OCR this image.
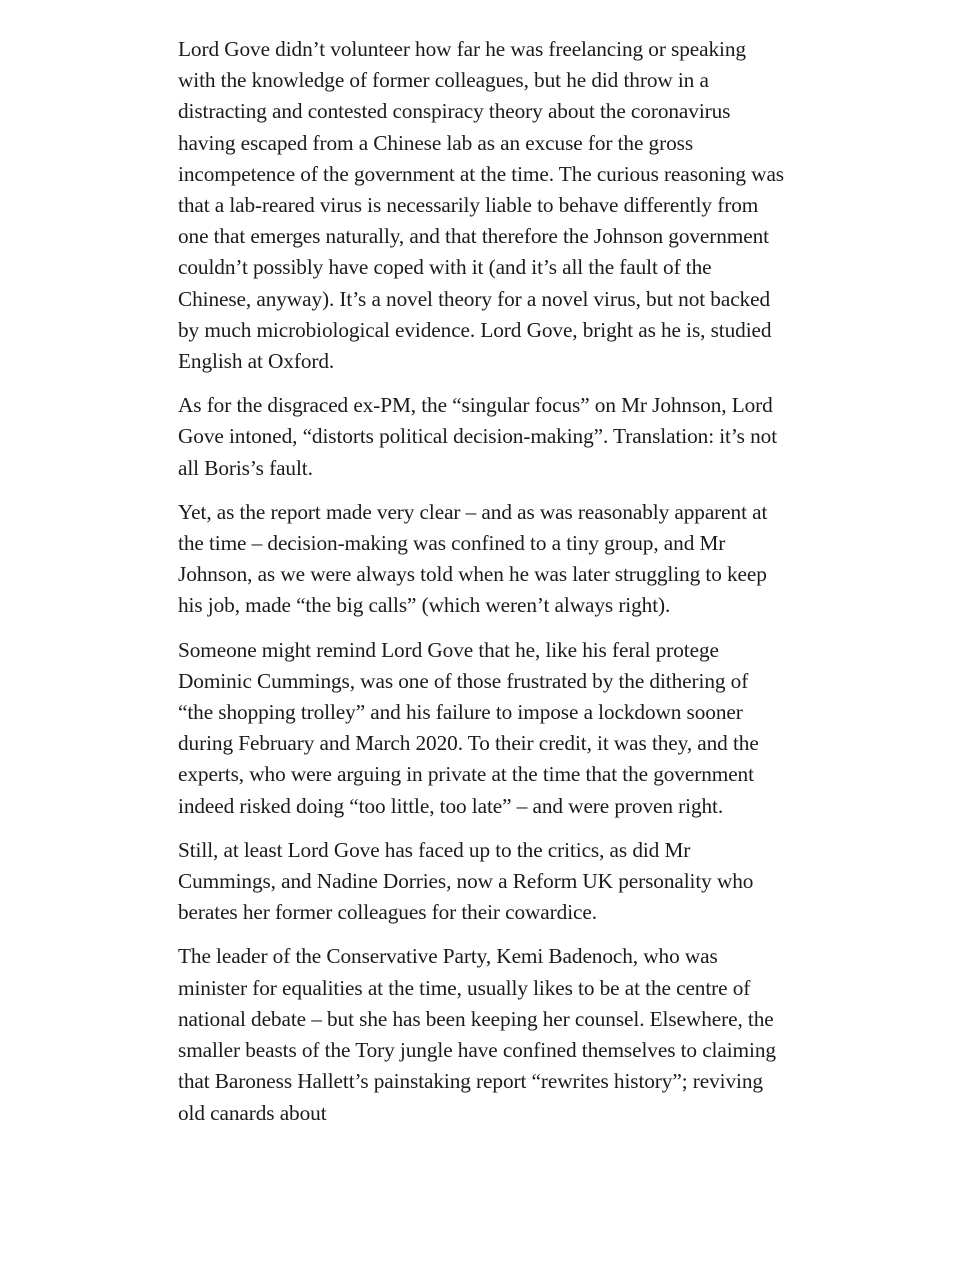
Lord Gove didn’t volunteer how far he was freelancing or speaking with the knowledge of former colleagues, but he did throw in a distracting and contested conspiracy theory about the coronavirus having escaped from a Chinese lab as an excuse for the gross incompetence of the government at the time. The curious reasoning was that a lab-reared virus is necessarily liable to behave differently from one that emerges naturally, and that therefore the Johnson government couldn’t possibly have coped with it (and it’s all the fault of the Chinese, anyway). It’s a novel theory for a novel virus, but not backed by much microbiological evidence. Lord Gove, bright as he is, studied English at Oxford.

As for the disgraced ex-PM, the “singular focus” on Mr Johnson, Lord Gove intoned, “distorts political decision-making”. Translation: it’s not all Boris’s fault.

Yet, as the report made very clear – and as was reasonably apparent at the time – decision-making was confined to a tiny group, and Mr Johnson, as we were always told when he was later struggling to keep his job, made “the big calls” (which weren’t always right).

Someone might remind Lord Gove that he, like his feral protege Dominic Cummings, was one of those frustrated by the dithering of “the shopping trolley” and his failure to impose a lockdown sooner during February and March 2020. To their credit, it was they, and the experts, who were arguing in private at the time that the government indeed risked doing “too little, too late” – and were proven right.

Still, at least Lord Gove has faced up to the critics, as did Mr Cummings, and Nadine Dorries, now a Reform UK personality who berates her former colleagues for their cowardice.

The leader of the Conservative Party, Kemi Badenoch, who was minister for equalities at the time, usually likes to be at the centre of national debate – but she has been keeping her counsel. Elsewhere, the smaller beasts of the Tory jungle have confined themselves to claiming that Baroness Hallett’s painstaking report “rewrites history”; reviving old canards about
